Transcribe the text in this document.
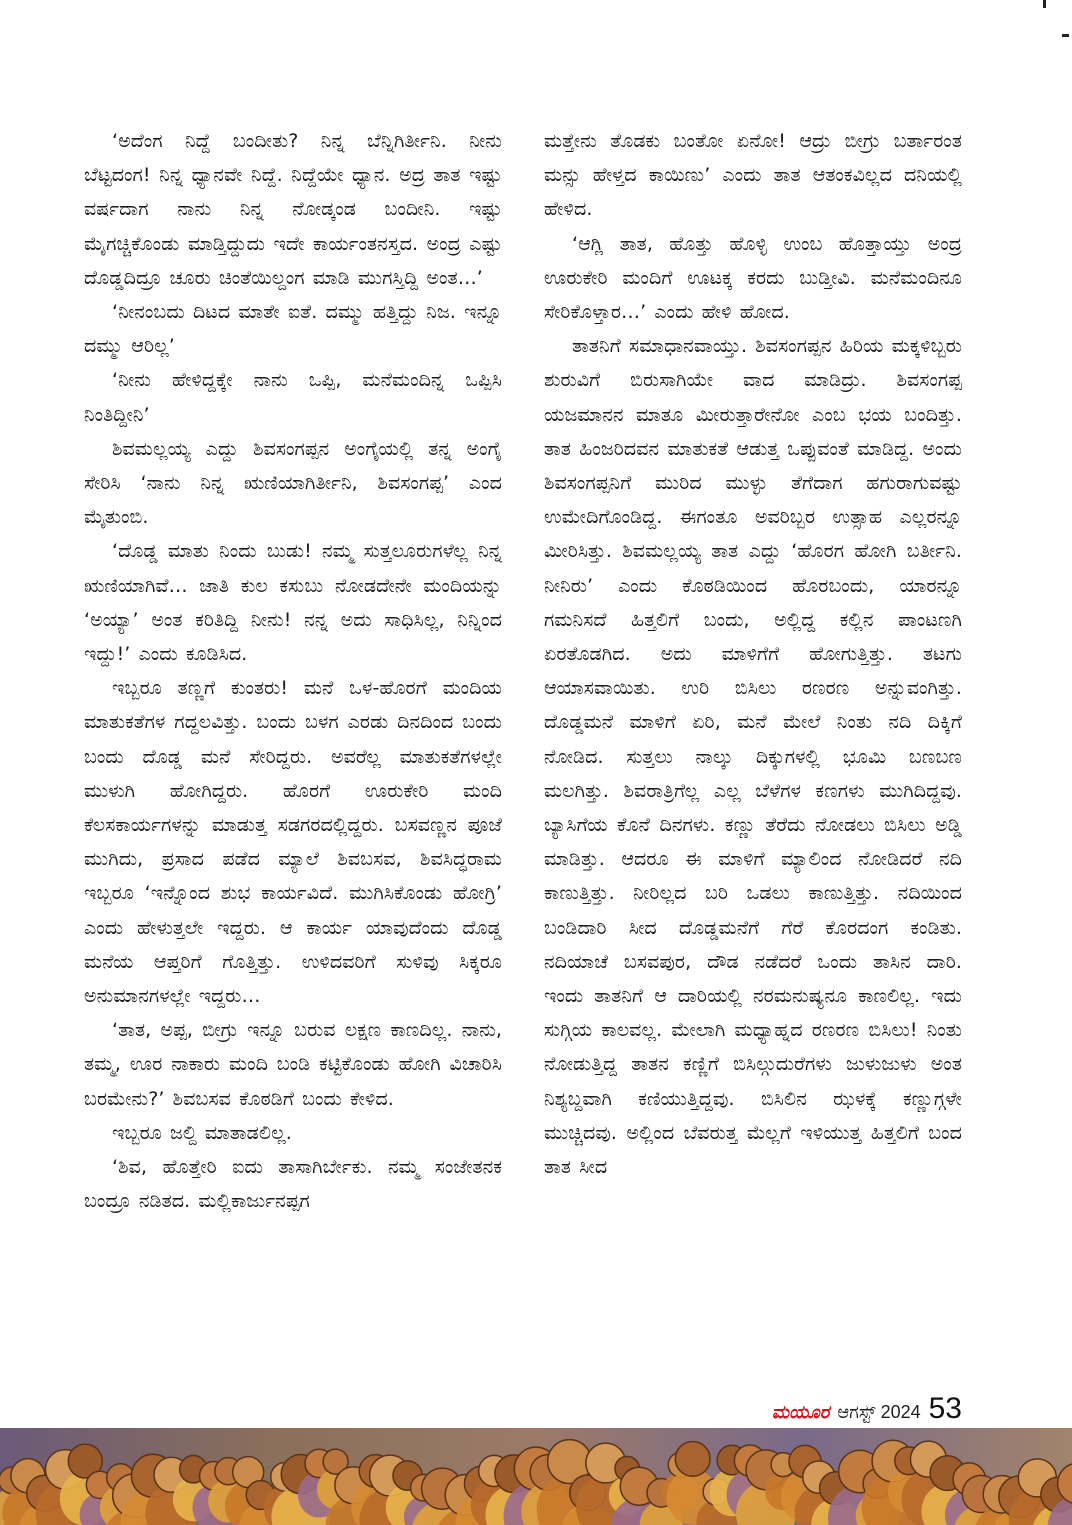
‘ಅದೆಂಗ ನಿದ್ದೆ ಬಂದೀತು? ನಿನ್ನ ಬೆನ್ನಿಗಿರ್ತೀನಿ. ನೀನು ಬೆಟ್ಟದಂಗ! ನಿನ್ನ ಧ್ಯಾನವೇ ನಿದ್ದೆ. ನಿದ್ದೆಯೇ ಧ್ಯಾನ. ಅದ್ರ ತಾತ ಇಷ್ಟು ವರ್ಷದಾಗ ನಾನು ನಿನ್ನ ನೋಡ್ಕಂಡ ಬಂದೀನಿ. ಇಷ್ಟು ಮೈಗಚ್ಚಿಕೊಂಡು ಮಾಡ್ತಿದ್ದುದು ಇದೇ ಕಾರ್ಯಂತನಸ್ತದ. ಅಂದ್ರ ಎಷ್ಟು ದೊಡ್ಡದಿದ್ರೂ ಚೂರು ಚಿಂತೆಯಿಲ್ದಂಗ ಮಾಡಿ ಮುಗಸ್ತಿದ್ದಿ ಅಂತ…’

‘ನೀನಂಬದು ದಿಟದ ಮಾತೇ ಐತೆ. ದಮ್ಮು ಹತ್ತಿದ್ದು ನಿಜ. ಇನ್ನೂ ದಮ್ಮು ಆರಿಲ್ಲ’

‘ನೀನು ಹೇಳಿದ್ದಕ್ಕೇ ನಾನು ಒಪ್ಪಿ, ಮನೆಮಂದಿನ್ನ ಒಪ್ಪಿಸಿ ನಿಂತಿದ್ದೀನಿ’

ಶಿವಮಲ್ಲಯ್ಯ ಎದ್ದು ಶಿವಸಂಗಪ್ಪನ ಅಂಗೈಯಲ್ಲಿ ತನ್ನ ಅಂಗೈ ಸೇರಿಸಿ ‘ನಾನು ನಿನ್ನ ಋಣಿಯಾಗಿರ್ತೀನಿ, ಶಿವಸಂಗಪ್ಪ’ ಎಂದ ಮೈತುಂಬಿ.

‘ದೊಡ್ಡ ಮಾತು ನಿಂದು ಬುಡು! ನಮ್ಮ ಸುತ್ತಲೂರುಗಳೆಲ್ಲ ನಿನ್ನ ಋಣಿಯಾಗಿವೆ… ಜಾತಿ ಕುಲ ಕಸುಬು ನೋಡದೇನೇ ಮಂದಿಯನ್ನು ‘ಅಯ್ಯಾ’ ಅಂತ ಕರಿತಿದ್ದಿ ನೀನು! ನನ್ನ ಅದು ಸಾಧಿಸಿಲ್ಲ, ನಿನ್ನಿಂದ ಇದ್ದು!’ ಎಂದು ಕೂಡಿಸಿದ.

ಇಬ್ಬರೂ ತಣ್ಣಗೆ ಕುಂತರು! ಮನೆ ಒಳ-ಹೊರಗೆ ಮಂದಿಯ ಮಾತುಕತೆಗಳ ಗದ್ದಲವಿತ್ತು. ಬಂದು ಬಳಗ ಎರಡು ದಿನದಿಂದ ಬಂದು ಬಂದು ದೊಡ್ಡ ಮನೆ ಸೇರಿದ್ದರು. ಅವರೆಲ್ಲ ಮಾತುಕತೆಗಳಲ್ಲೇ ಮುಳುಗಿ ಹೋಗಿದ್ದರು. ಹೊರಗೆ ಊರುಕೇರಿ ಮಂದಿ ಕೆಲಸಕಾರ್ಯಗಳನ್ನು ಮಾಡುತ್ತ ಸಡಗರದಲ್ಲಿದ್ದರು. ಬಸವಣ್ಣನ ಪೂಜೆ ಮುಗಿದು, ಪ್ರಸಾದ ಪಡೆದ ಮ್ಯಾಲೆ ಶಿವಬಸವ, ಶಿವಸಿದ್ಧರಾಮ ಇಬ್ಬರೂ ‘ಇನ್ನೊಂದ ಶುಭ ಕಾರ್ಯವಿದೆ. ಮುಗಿಸಿಕೊಂಡು ಹೋಗ್ರಿ’ ಎಂದು ಹೇಳುತ್ತಲೇ ಇದ್ದರು. ಆ ಕಾರ್ಯ ಯಾವುದೆಂದು ದೊಡ್ಡ ಮನೆಯ ಆಪ್ತರಿಗೆ ಗೊತ್ತಿತ್ತು. ಉಳಿದವರಿಗೆ ಸುಳಿವು ಸಿಕ್ಕರೂ ಅನುಮಾನಗಳಲ್ಲೇ ಇದ್ದರು…

‘ತಾತ, ಅಪ್ಪ, ಬೀಗ್ರು ಇನ್ನೂ ಬರುವ ಲಕ್ಷಣ ಕಾಣದಿಲ್ಲ. ನಾನು, ತಮ್ಮ, ಊರ ನಾಕಾರು ಮಂದಿ ಬಂಡಿ ಕಟ್ಟಿಕೊಂಡು ಹೋಗಿ ವಿಚಾರಿಸಿ ಬರಮೇನು?’ ಶಿವಬಸವ ಕೊಠಡಿಗೆ ಬಂದು ಕೇಳಿದ.

ಇಬ್ಬರೂ ಜಲ್ದಿ ಮಾತಾಡಲಿಲ್ಲ.

‘ಶಿವ, ಹೊತ್ತೇರಿ ಐದು ತಾಸಾಗಿರ್ಬೇಕು. ನಮ್ಮ ಸಂಜೇತನಕ ಬಂದ್ರೂ ನಡಿತದ. ಮಲ್ಲಿಕಾರ್ಜುನಪ್ಪಗ

ಮತ್ತೇನು ತೊಡಕು ಬಂತೋ ಏನೋ! ಆದ್ರು ಬೀಗ್ರು ಬರ್ತಾರಂತ ಮನ್ಸು ಹೇಳ್ತದ ಕಾಯಿಣು’ ಎಂದು ತಾತ ಆತಂಕವಿಲ್ಲದ ದನಿಯಲ್ಲಿ ಹೇಳಿದ.

‘ಆಗ್ಲಿ ತಾತ, ಹೊತ್ತು ಹೊಳ್ಳಿ ಉಂಬ ಹೊತ್ತಾಯ್ತು ಅಂದ್ರ ಊರುಕೇರಿ ಮಂದಿಗೆ ಊಟಕ್ಕ ಕರದು ಬುಡ್ತೀವಿ. ಮನೆಮಂದಿನೂ ಸೇರಿಕೊಳ್ತಾರ…’ ಎಂದು ಹೇಳಿ ಹೋದ.

ತಾತನಿಗೆ ಸಮಾಧಾನವಾಯ್ತು. ಶಿವಸಂಗಪ್ಪನ ಹಿರಿಯ ಮಕ್ಕಳಿಬ್ಬರು ಶುರುವಿಗೆ ಬಿರುಸಾಗಿಯೇ ವಾದ ಮಾಡಿದ್ರು. ಶಿವಸಂಗಪ್ಪ ಯಜಮಾನನ ಮಾತೂ ಮೀರುತ್ತಾರೇನೋ ಎಂಬ ಭಯ ಬಂದಿತ್ತು. ತಾತ ಹಿಂಜರಿದವನ ಮಾತುಕತೆ ಆಡುತ್ತ ಒಪ್ಪುವಂತೆ ಮಾಡಿದ್ದ. ಅಂದು ಶಿವಸಂಗಪ್ಪನಿಗೆ ಮುರಿದ ಮುಳ್ಳು ತೆಗೆದಾಗ ಹಗುರಾಗುವಷ್ಟು ಉಮೇದಿಗೊಂಡಿದ್ದ. ಈಗಂತೂ ಅವರಿಬ್ಬರ ಉತ್ಸಾಹ ಎಲ್ಲರನ್ನೂ ಮೀರಿಸಿತ್ತು. ಶಿವಮಲ್ಲಯ್ಯ ತಾತ ಎದ್ದು ‘ಹೊರಗ ಹೋಗಿ ಬರ್ತೀನಿ. ನೀನಿರು’ ಎಂದು ಕೊಠಡಿಯಿಂದ ಹೊರಬಂದು, ಯಾರನ್ನೂ ಗಮನಿಸದೆ ಹಿತ್ತಲಿಗೆ ಬಂದು, ಅಲ್ಲಿದ್ದ ಕಲ್ಲಿನ ಪಾಂಟಣಗಿ ಏರತೊಡಗಿದ. ಅದು ಮಾಳಿಗೆಗೆ ಹೋಗುತ್ತಿತ್ತು. ತಟಗು ಆಯಾಸವಾಯಿತು. ಉರಿ ಬಿಸಿಲು ರಣರಣ ಅನ್ನುವಂಗಿತ್ತು. ದೊಡ್ಡಮನೆ ಮಾಳಿಗೆ ಏರಿ, ಮನೆ ಮೇಲೆ ನಿಂತು ನದಿ ದಿಕ್ಕಿಗೆ ನೋಡಿದ. ಸುತ್ತಲು ನಾಲ್ಕು ದಿಕ್ಕುಗಳಲ್ಲಿ ಭೂಮಿ ಬಣಬಣ ಮಲಗಿತ್ತು. ಶಿವರಾತ್ರಿಗೆಲ್ಲ ಎಲ್ಲ ಬೆಳೆಗಳ ಕಣಗಳು ಮುಗಿದಿದ್ದವು. ಬ್ಯಾಸಿಗೆಯ ಕೊನೆ ದಿನಗಳು. ಕಣ್ಣು ತೆರೆದು ನೋಡಲು ಬಿಸಿಲು ಅಡ್ಡಿ ಮಾಡಿತ್ತು. ಆದರೂ ಈ ಮಾಳಿಗೆ ಮ್ಯಾಲಿಂದ ನೋಡಿದರೆ ನದಿ ಕಾಣುತ್ತಿತ್ತು. ನೀರಿಲ್ಲದ ಬರಿ ಒಡಲು ಕಾಣುತ್ತಿತ್ತು. ನದಿಯಿಂದ ಬಂಡಿದಾರಿ ಸೀದ ದೊಡ್ಡಮನೆಗೆ ಗೆರೆ ಕೊರದಂಗ ಕಂಡಿತು. ನದಿಯಾಚೆ ಬಸವಪುರ, ದೌಡ ನಡೆದರೆ ಒಂದು ತಾಸಿನ ದಾರಿ. ಇಂದು ತಾತನಿಗೆ ಆ ದಾರಿಯಲ್ಲಿ ನರಮನುಷ್ಯನೂ ಕಾಣಲಿಲ್ಲ. ಇದು ಸುಗ್ಗಿಯ ಕಾಲವಲ್ಲ. ಮೇಲಾಗಿ ಮಧ್ಯಾಹ್ನದ ರಣರಣ ಬಿಸಿಲು! ನಿಂತು ನೋಡುತ್ತಿದ್ದ ತಾತನ ಕಣ್ಣಿಗೆ ಬಿಸಿಲ್ಗುದುರೆಗಳು ಜುಳುಜುಳು ಅಂತ ನಿಶ್ಯಬ್ದವಾಗಿ ಕಣಿಯುತ್ತಿದ್ದವು. ಬಿಸಿಲಿನ ಝಳಕ್ಕೆ ಕಣ್ಣುಗ್ಗಳೇ ಮುಚ್ಚಿದವು. ಅಲ್ಲಿಂದ ಬೆವರುತ್ತ ಮೆಲ್ಲಗೆ ಇಳಿಯುತ್ತ ಹಿತ್ತಲಿಗೆ ಬಂದ ತಾತ ಸೀದ

ಮಯೂರ ಆಗಸ್ಟ್ 2024 53
